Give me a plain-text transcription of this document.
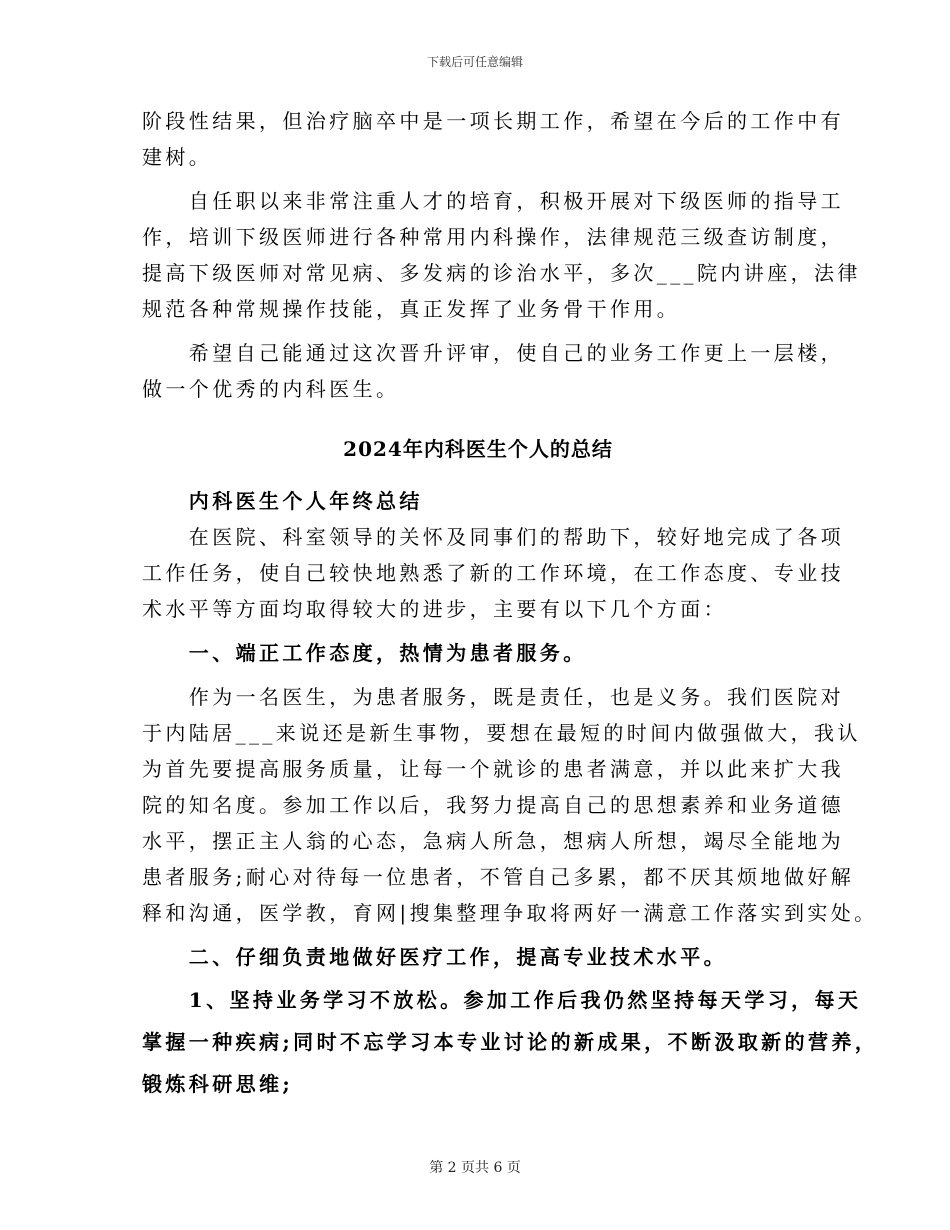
下载后可任意编辑

阶段性结果，但治疗脑卒中是一项长期工作，希望在今后的工作中有

建树。

　　自任职以来非常注重人才的培育，积极开展对下级医师的指导工

作，培训下级医师进行各种常用内科操作，法律规范三级查访制度，

提高下级医师对常见病、多发病的诊治水平，多次___院内讲座，法律

规范各种常规操作技能，真正发挥了业务骨干作用。

　　希望自己能通过这次晋升评审，使自己的业务工作更上一层楼，

做一个优秀的内科医生。

2024年内科医生个人的总结

　　内科医生个人年终总结

　　在医院、科室领导的关怀及同事们的帮助下，较好地完成了各项

工作任务，使自己较快地熟悉了新的工作环境，在工作态度、专业技

术水平等方面均取得较大的进步，主要有以下几个方面：

　　一、端正工作态度，热情为患者服务。

　　作为一名医生，为患者服务，既是责任，也是义务。我们医院对

于内陆居___来说还是新生事物，要想在最短的时间内做强做大，我认

为首先要提高服务质量，让每一个就诊的患者满意，并以此来扩大我

院的知名度。参加工作以后，我努力提高自己的思想素养和业务道德

水平，摆正主人翁的心态，急病人所急，想病人所想，竭尽全能地为

患者服务;耐心对待每一位患者，不管自己多累，都不厌其烦地做好解

释和沟通，医学教，育网|搜集整理争取将两好一满意工作落实到实处。

　　二、仔细负责地做好医疗工作，提高专业技术水平。

　　1、坚持业务学习不放松。参加工作后我仍然坚持每天学习，每天

掌握一种疾病;同时不忘学习本专业讨论的新成果，不断汲取新的营养，

锻炼科研思维;

第 2 页共 6 页
